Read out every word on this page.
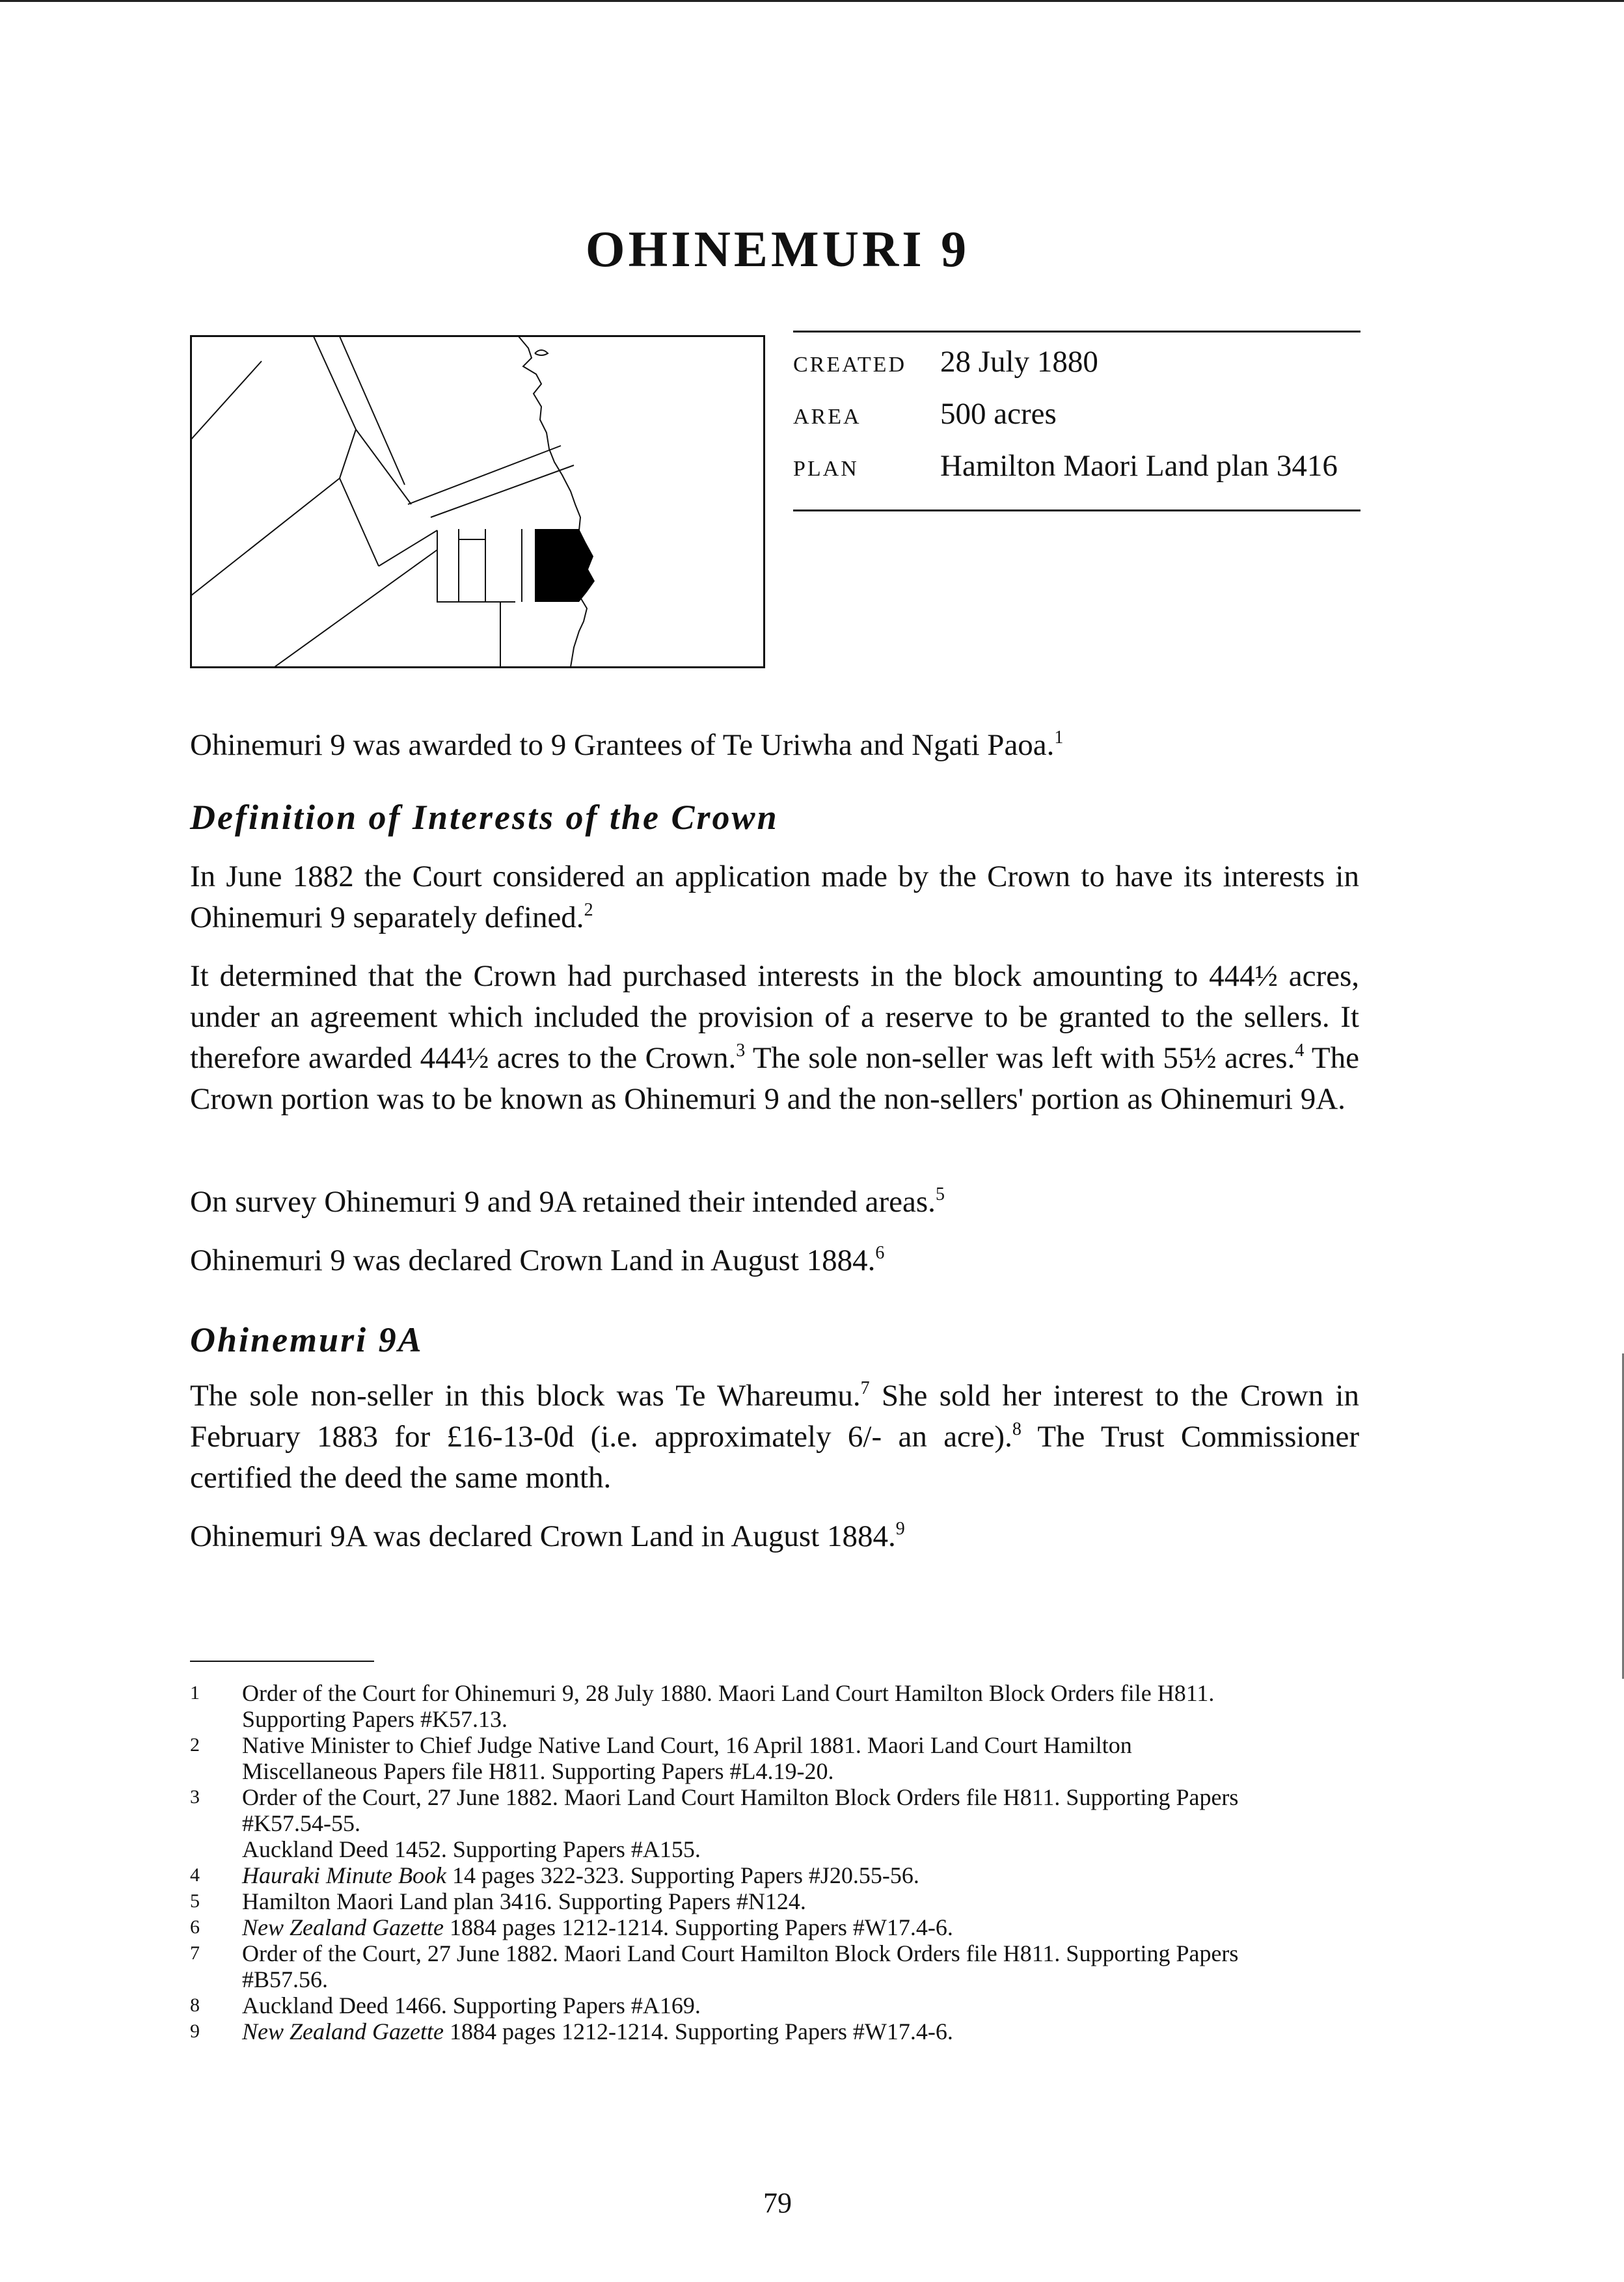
OHINEMURI 9
CREATED	28 July 1880
AREA	500 acres
PLAN	Hamilton Maori Land plan 3416

Ohinemuri 9 was awarded to 9 Grantees of Te Uriwha and Ngati Paoa.$^1$

Definition of Interests of the Crown

In June 1882 the Court considered an application made by the Crown to have its interests in Ohinemuri 9 separately defined.$^2$

It determined that the Crown had purchased interests in the block amounting to 444½ acres, under an agreement which included the provision of a reserve to be granted to the sellers. It therefore awarded 444½ acres to the Crown.$^3$ The sole non-seller was left with 55½ acres.$^4$ The Crown portion was to be known as Ohinemuri 9 and the non-sellers' portion as Ohinemuri 9A.

On survey Ohinemuri 9 and 9A retained their intended areas.$^5$

Ohinemuri 9 was declared Crown Land in August 1884.$^6$

Ohinemuri 9A

The sole non-seller in this block was Te Whareumu.$^7$ She sold her interest to the Crown in February 1883 for £16-13-0d (i.e. approximately 6/- an acre).$^8$ The Trust Commissioner certified the deed the same month.

Ohinemuri 9A was declared Crown Land in August 1884.$^9$

1	Order of the Court for Ohinemuri 9, 28 July 1880. Maori Land Court Hamilton Block Orders file H811.
Supporting Papers #K57.13.
2	Native Minister to Chief Judge Native Land Court, 16 April 1881. Maori Land Court Hamilton
Miscellaneous Papers file H811. Supporting Papers #L4.19-20.
3	Order of the Court, 27 June 1882. Maori Land Court Hamilton Block Orders file H811. Supporting Papers
#K57.54-55.
Auckland Deed 1452. Supporting Papers #A155.
4	Hauraki Minute Book 14 pages 322-323. Supporting Papers #J20.55-56.
5	Hamilton Maori Land plan 3416. Supporting Papers #N124.
6	New Zealand Gazette 1884 pages 1212-1214. Supporting Papers #W17.4-6.
7	Order of the Court, 27 June 1882. Maori Land Court Hamilton Block Orders file H811. Supporting Papers
#B57.56.
8	Auckland Deed 1466. Supporting Papers #A169.
9	New Zealand Gazette 1884 pages 1212-1214. Supporting Papers #W17.4-6.
79
